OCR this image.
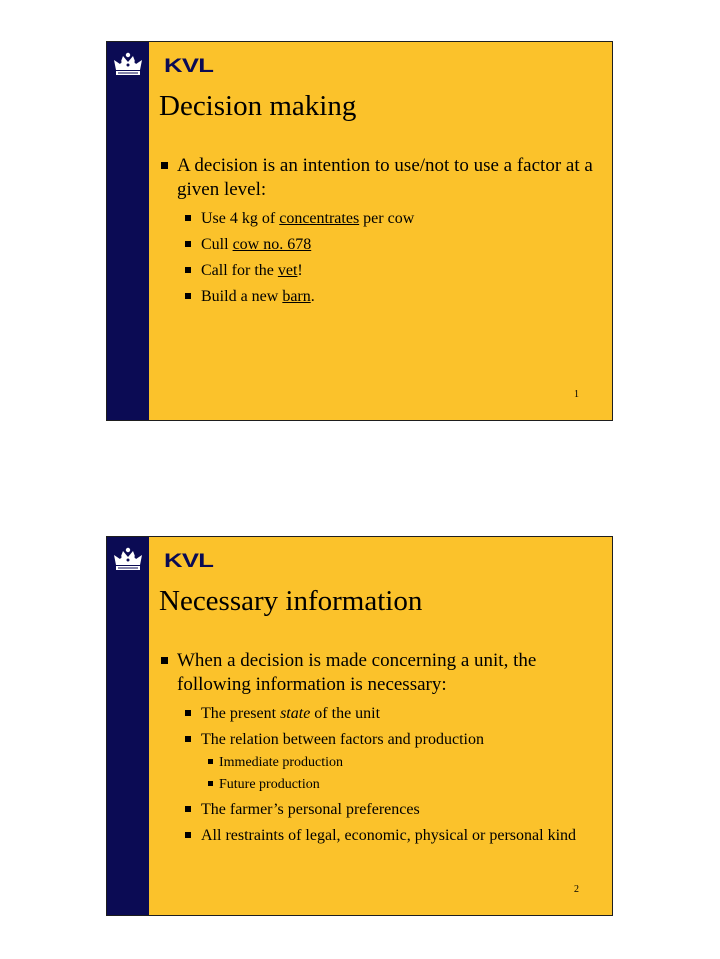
KVL
Decision making
A decision is an intention to use/not to use a factor at a given level:
Use 4 kg of concentrates per cow
Cull cow no. 678
Call for the vet!
Build a new barn.
1
KVL
Necessary information
When a decision is made concerning a unit, the following information is necessary:
The present state of the unit
The relation between factors and production
Immediate production
Future production
The farmer’s personal preferences
All restraints of legal, economic, physical or personal kind
2
